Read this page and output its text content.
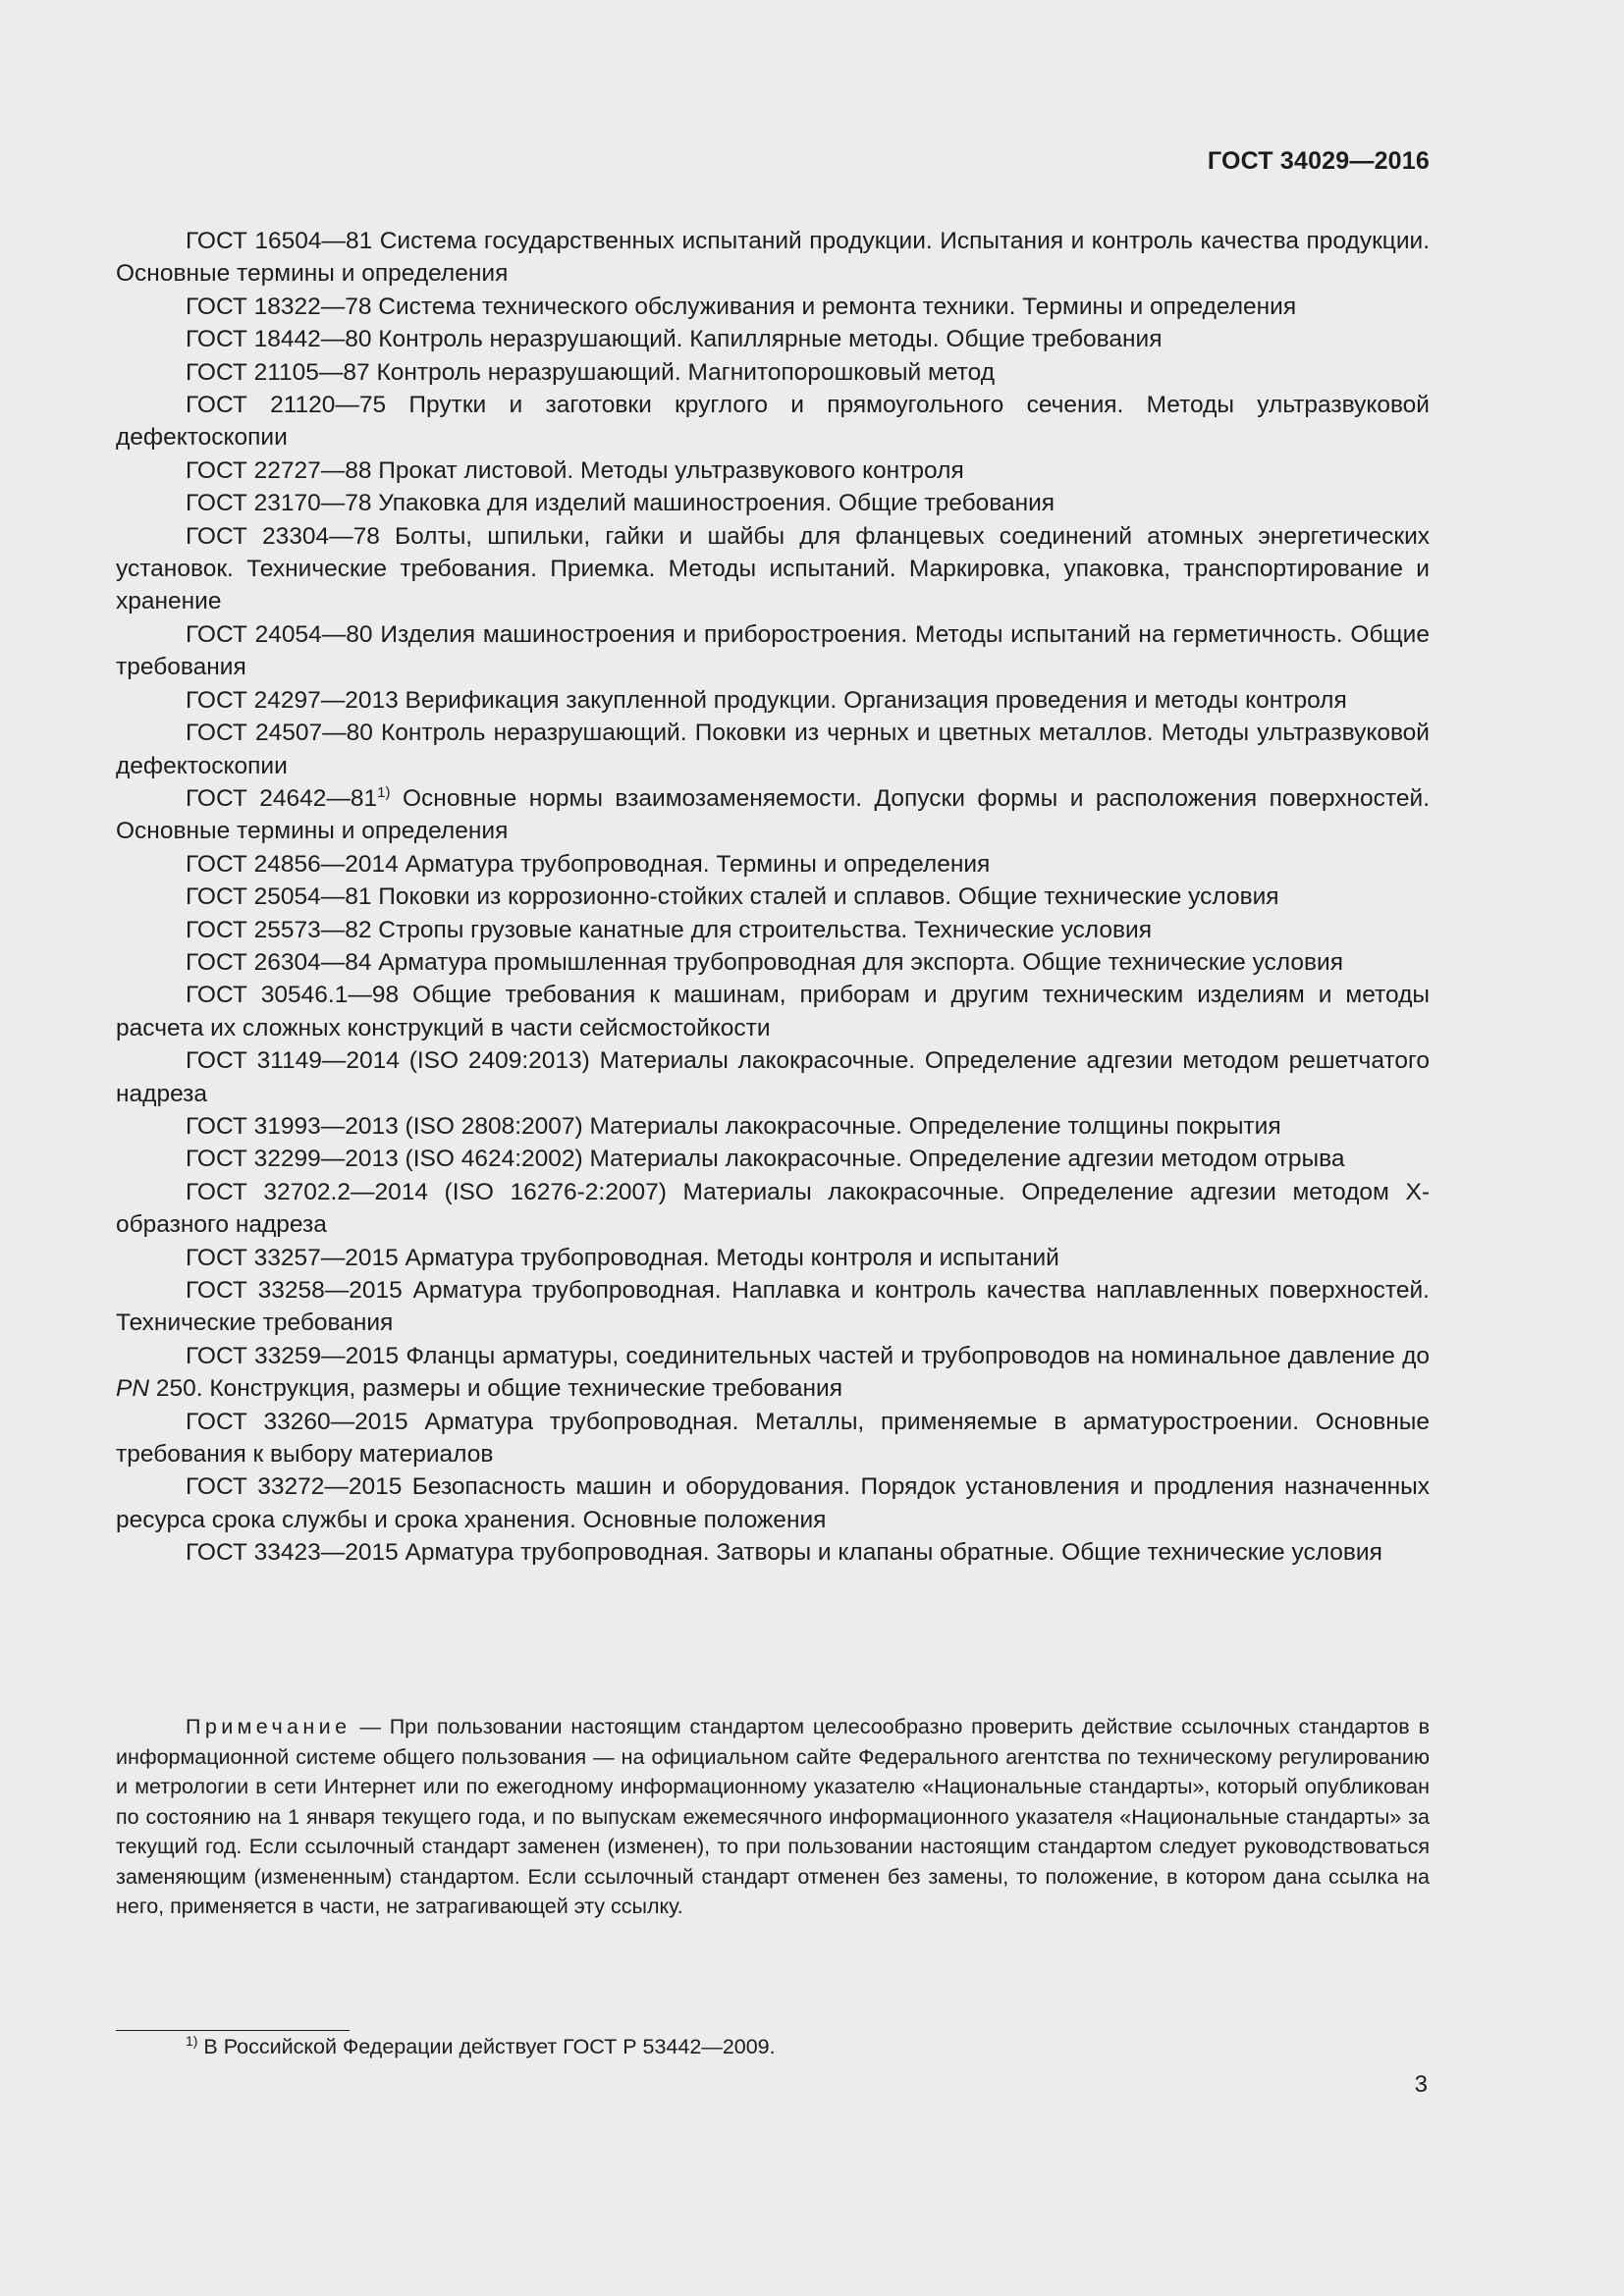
ГОСТ 34029—2016

ГОСТ 16504—81 Система государственных испытаний продукции. Испытания и контроль качества продукции. Основные термины и определения

ГОСТ 18322—78 Система технического обслуживания и ремонта техники. Термины и определения

ГОСТ 18442—80 Контроль неразрушающий. Капиллярные методы. Общие требования

ГОСТ 21105—87 Контроль неразрушающий. Магнитопорошковый метод

ГОСТ 21120—75 Прутки и заготовки круглого и прямоугольного сечения. Методы ультразвуковой дефектоскопии

ГОСТ 22727—88 Прокат листовой. Методы ультразвукового контроля

ГОСТ 23170—78 Упаковка для изделий машиностроения. Общие требования

ГОСТ 23304—78 Болты, шпильки, гайки и шайбы для фланцевых соединений атомных энергетических установок. Технические требования. Приемка. Методы испытаний. Маркировка, упаковка, транспортирование и хранение

ГОСТ 24054—80 Изделия машиностроения и приборостроения. Методы испытаний на герметичность. Общие требования

ГОСТ 24297—2013 Верификация закупленной продукции. Организация проведения и методы контроля

ГОСТ 24507—80 Контроль неразрушающий. Поковки из черных и цветных металлов. Методы ультразвуковой дефектоскопии

ГОСТ 24642—81$^{1)}$ Основные нормы взаимозаменяемости. Допуски формы и расположения поверхностей. Основные термины и определения

ГОСТ 24856—2014 Арматура трубопроводная. Термины и определения

ГОСТ 25054—81 Поковки из коррозионно-стойких сталей и сплавов. Общие технические условия

ГОСТ 25573—82 Стропы грузовые канатные для строительства. Технические условия

ГОСТ 26304—84 Арматура промышленная трубопроводная для экспорта. Общие технические условия

ГОСТ 30546.1—98 Общие требования к машинам, приборам и другим техническим изделиям и методы расчета их сложных конструкций в части сейсмостойкости

ГОСТ 31149—2014 (ISO 2409:2013) Материалы лакокрасочные. Определение адгезии методом решетчатого надреза

ГОСТ 31993—2013 (ISO 2808:2007) Материалы лакокрасочные. Определение толщины покрытия

ГОСТ 32299—2013 (ISO 4624:2002) Материалы лакокрасочные. Определение адгезии методом отрыва

ГОСТ 32702.2—2014 (ISO 16276-2:2007) Материалы лакокрасочные. Определение адгезии методом Х-образного надреза

ГОСТ 33257—2015 Арматура трубопроводная. Методы контроля и испытаний

ГОСТ 33258—2015 Арматура трубопроводная. Наплавка и контроль качества наплавленных поверхностей. Технические требования

ГОСТ 33259—2015 Фланцы арматуры, соединительных частей и трубопроводов на номинальное давление до PN 250. Конструкция, размеры и общие технические требования

ГОСТ 33260—2015 Арматура трубопроводная. Металлы, применяемые в арматуростроении. Основные требования к выбору материалов

ГОСТ 33272—2015 Безопасность машин и оборудования. Порядок установления и продления назначенных ресурса срока службы и срока хранения. Основные положения

ГОСТ 33423—2015 Арматура трубопроводная. Затворы и клапаны обратные. Общие технические условия

Примечание — При пользовании настоящим стандартом целесообразно проверить действие ссылочных стандартов в информационной системе общего пользования — на официальном сайте Федерального агентства по техническому регулированию и метрологии в сети Интернет или по ежегодному информационному указателю «Национальные стандарты», который опубликован по состоянию на 1 января текущего года, и по выпускам ежемесячного информационного указателя «Национальные стандарты» за текущий год. Если ссылочный стандарт заменен (изменен), то при пользовании настоящим стандартом следует руководствоваться заменяющим (измененным) стандартом. Если ссылочный стандарт отменен без замены, то положение, в котором дана ссылка на него, применяется в части, не затрагивающей эту ссылку.

$^{1)}$ В Российской Федерации действует ГОСТ Р 53442—2009.
3
